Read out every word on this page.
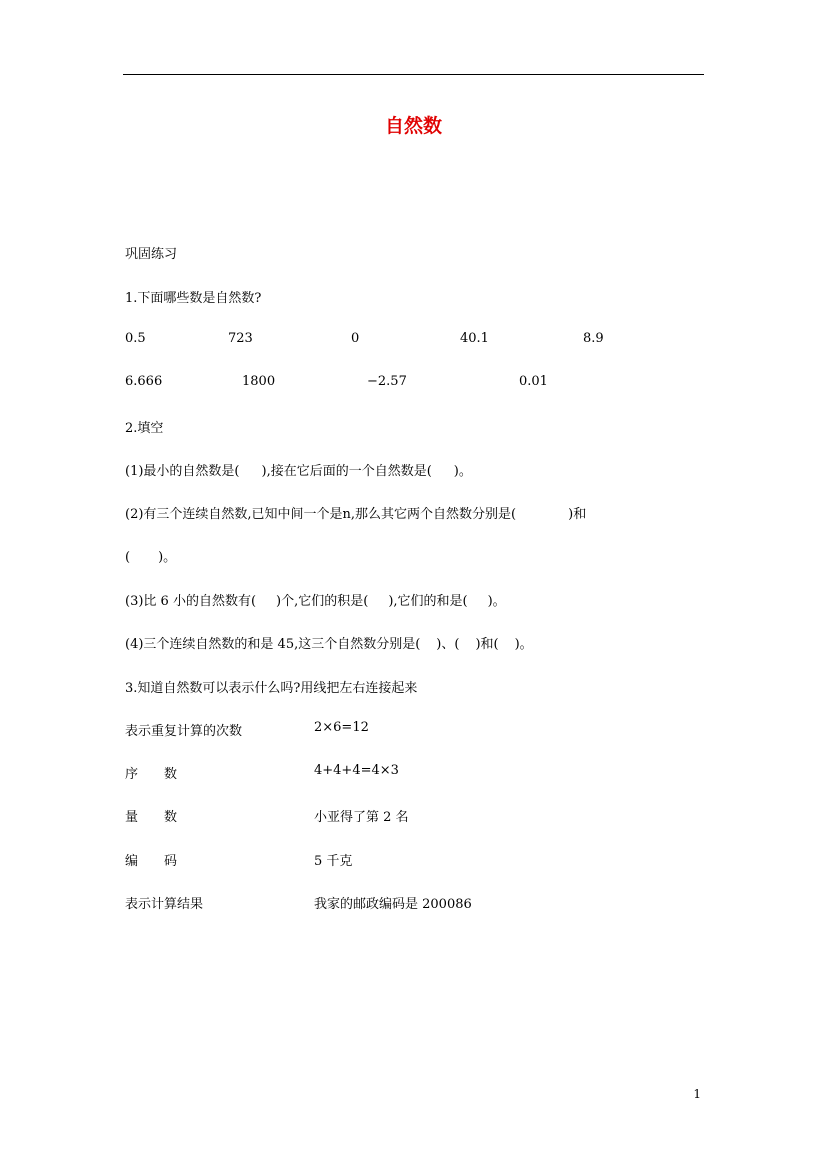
自然数
巩固练习
1.下面哪些数是自然数?
0.5	723	0	40.1	8.9
6.666	1800	−2.57	0.01
2.填空
(1)最小的自然数是( ),接在它后面的一个自然数是( )。
(2)有三个连续自然数,已知中间一个是n,那么其它两个自然数分别是(	)和
( )。
(3)比 6 小的自然数有( )个,它们的积是( ),它们的和是( )。
(4)三个连续自然数的和是 45,这三个自然数分别是( )、( )和( )。
3.知道自然数可以表示什么吗?用线把左右连接起来
表示重复计算的次数	2×6=12
序　　数	4+4+4=4×3
量　　数	小亚得了第 2 名
编　　码	5 千克
表示计算结果	我家的邮政编码是 200086
1
